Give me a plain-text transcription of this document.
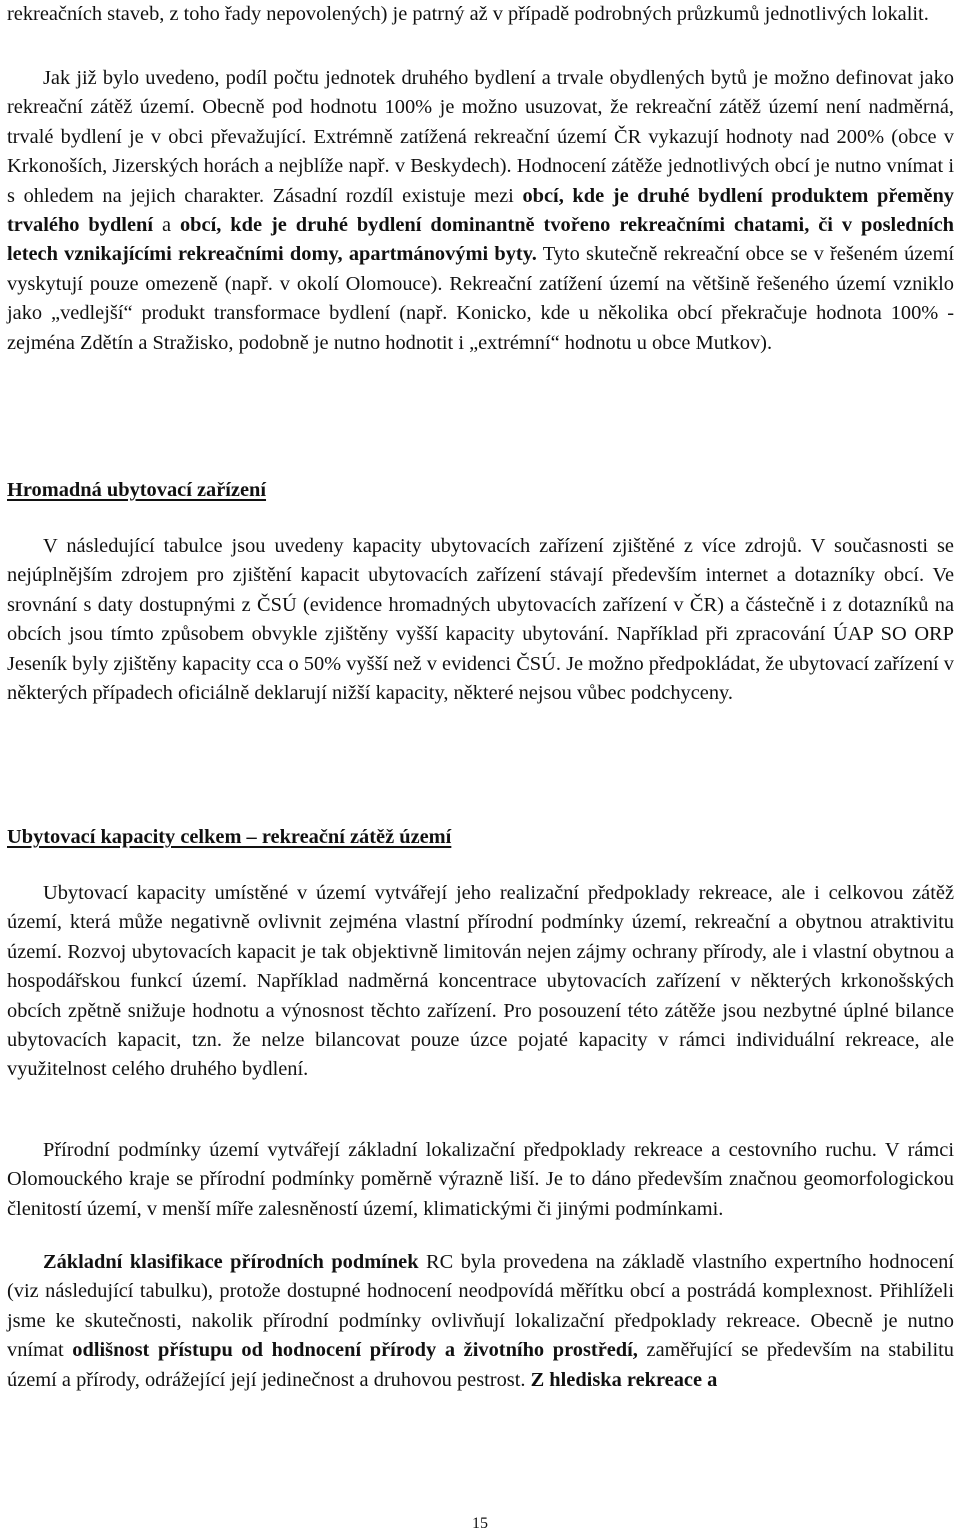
rekreačních staveb, z toho řady nepovolených) je patrný až v případě podrobných průzkumů jednotlivých lokalit.

Jak již bylo uvedeno, podíl počtu jednotek druhého bydlení a trvale obydlených bytů je možno definovat jako rekreační zátěž území. Obecně pod hodnotu 100% je možno usuzovat, že rekreační zátěž území není nadměrná, trvalé bydlení je v obci převažující. Extrémně zatížená rekreační území ČR vykazují hodnoty nad 200% (obce v Krkonoších, Jizerských horách a nejblíže např. v Beskydech). Hodnocení zátěže jednotlivých obcí je nutno vnímat i s ohledem na jejich charakter. Zásadní rozdíl existuje mezi obcí, kde je druhé bydlení produktem přeměny trvalého bydlení a obcí, kde je druhé bydlení dominantně tvořeno rekreačními chatami, či v posledních letech vznikajícími rekreačními domy, apartmánovými byty. Tyto skutečně rekreační obce se v řešeném území vyskytují pouze omezeně (např. v okolí Olomouce). Rekreační zatížení území na většině řešeného území vzniklo jako „vedlejší“ produkt transformace bydlení (např. Konicko, kde u několika obcí překračuje hodnota 100% - zejména Zdětín a Stražisko, podobně je nutno hodnotit i „extrémní“ hodnotu u obce Mutkov).

Hromadná ubytovací zařízení

V následující tabulce jsou uvedeny kapacity ubytovacích zařízení zjištěné z více zdrojů. V současnosti se nejúplnějším zdrojem pro zjištění kapacit ubytovacích zařízení stávají především internet a dotazníky obcí. Ve srovnání s daty dostupnými z ČSÚ (evidence hromadných ubytovacích zařízení v ČR) a částečně i z dotazníků na obcích jsou tímto způsobem obvykle zjištěny vyšší kapacity ubytování. Například při zpracování ÚAP SO ORP Jeseník byly zjištěny kapacity cca o 50% vyšší než v evidenci ČSÚ. Je možno předpokládat, že ubytovací zařízení v některých případech oficiálně deklarují nižší kapacity, některé nejsou vůbec podchyceny.

Ubytovací kapacity celkem – rekreační zátěž území

Ubytovací kapacity umístěné v území vytvářejí jeho realizační předpoklady rekreace, ale i celkovou zátěž území, která může negativně ovlivnit zejména vlastní přírodní podmínky území, rekreační a obytnou atraktivitu území. Rozvoj ubytovacích kapacit je tak objektivně limitován nejen zájmy ochrany přírody, ale i vlastní obytnou a hospodářskou funkcí území. Například nadměrná koncentrace ubytovacích zařízení v některých krkonošských obcích zpětně snižuje hodnotu a výnosnost těchto zařízení. Pro posouzení této zátěže jsou nezbytné úplné bilance ubytovacích kapacit, tzn. že nelze bilancovat pouze úzce pojaté kapacity v rámci individuální rekreace, ale využitelnost celého druhého bydlení.

Přírodní podmínky území vytvářejí základní lokalizační předpoklady rekreace a cestovního ruchu. V rámci Olomouckého kraje se přírodní podmínky poměrně výrazně liší. Je to dáno především značnou geomorfologickou členitostí území, v menší míře zalesněností území, klimatickými či jinými podmínkami.

Základní klasifikace přírodních podmínek RC byla provedena na základě vlastního expertního hodnocení (viz následující tabulku), protože dostupné hodnocení neodpovídá měřítku obcí a postrádá komplexnost. Přihlíželi jsme ke skutečnosti, nakolik přírodní podmínky ovlivňují lokalizační předpoklady rekreace. Obecně je nutno vnímat odlišnost přístupu od hodnocení přírody a životního prostředí, zaměřující se především na stabilitu území a přírody, odrážející její jedinečnost a druhovou pestrost. Z hlediska rekreace a

15
